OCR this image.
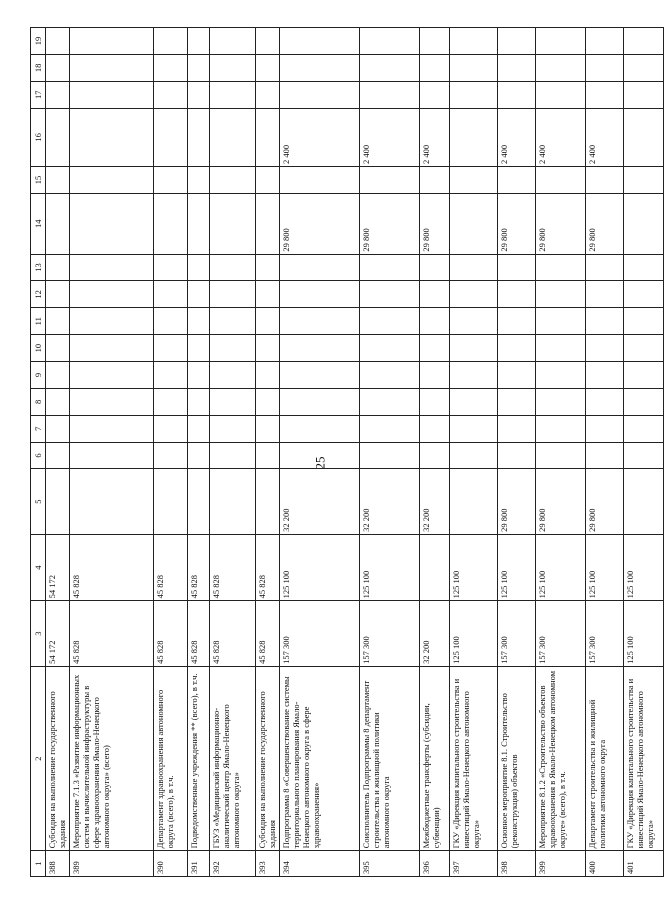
25
1	2	3	4	5	6	7	8	9	10	11	12	13	14	15	16	17	18	19
388	Субсидия на выполнение государственного задания	54 172	54 172															
389	Мероприятие 7.1.3 «Развитие информационных систем и вычислительной инфраструктуры в сфере здравоохранения Ямало-Ненецкого автономного округа» (всего)	45 828	45 828															
390	Департамент здравоохранения автономного округа (всего), в т.ч.	45 828	45 828															
391	Подведомственные учреждения ** (всего), в т.ч.	45 828	45 828															
392	ГБУЗ «Медицинский информационно-аналитический центр Ямало-Ненецкого автономного округа»	45 828	45 828															
393	Субсидия на выполнение государственного задания	45 828	45 828															
394	Подпрограмма 8 «Совершенствование системы территориального планирования Ямало-Ненецкого автономного округа в сфере здравоохранения»	157 300	125 100	32 200									29 800		2 400			
395	Соисполнитель Подпрограммы 8 департамент строительства и жилищной политики автономного округа	157 300	125 100	32 200									29 800		2 400			
396	Межбюджетные трансферты (субсидии, субвенции)	32 200		32 200									29 800		2 400			
397	ГКУ «Дирекция капитального строительства и инвестиций Ямало-Ненецкого автономного округа»	125 100	125 100															
398	Основное мероприятие 8.1. Строительство (реконструкция) объектов	157 300	125 100	29 800									29 800		2 400			
399	Мероприятие 8.1.2 «Строительство объектов здравоохранения в Ямало-Ненецком автономном округе» (всего), в т.ч.	157 300	125 100	29 800									29 800		2 400			
400	Департамент строительства и жилищной политики автономного округа	157 300	125 100	29 800									29 800		2 400			
401	ГКУ «Дирекция капитального строительства и инвестиций Ямало-Ненецкого автономного округа»	125 100	125 100															
